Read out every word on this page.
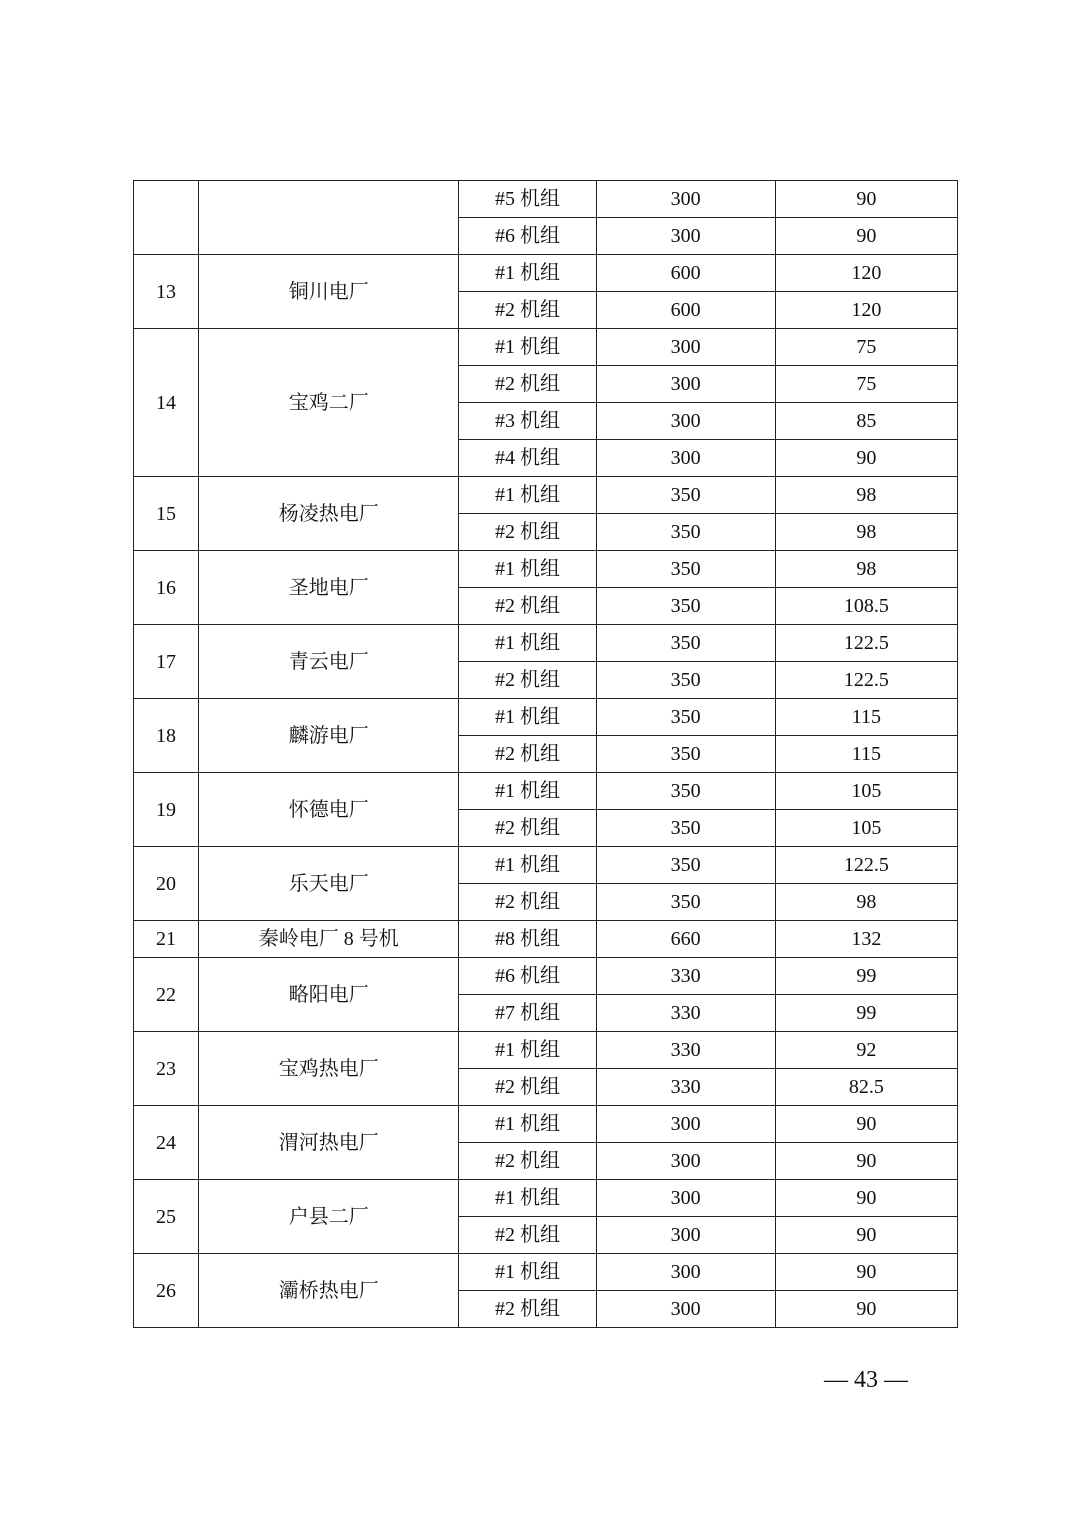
		#5 机组	300	90
		#6 机组	300	90
13	铜川电厂	#1 机组	600	120
		#2 机组	600	120
14	宝鸡二厂	#1 机组	300	75
		#2 机组	300	75
		#3 机组	300	85
		#4 机组	300	90
15	杨凌热电厂	#1 机组	350	98
		#2 机组	350	98
16	圣地电厂	#1 机组	350	98
		#2 机组	350	108.5
17	青云电厂	#1 机组	350	122.5
		#2 机组	350	122.5
18	麟游电厂	#1 机组	350	115
		#2 机组	350	115
19	怀德电厂	#1 机组	350	105
		#2 机组	350	105
20	乐天电厂	#1 机组	350	122.5
		#2 机组	350	98
21	秦岭电厂 8 号机	#8 机组	660	132
22	略阳电厂	#6 机组	330	99
		#7 机组	330	99
23	宝鸡热电厂	#1 机组	330	92
		#2 机组	330	82.5
24	渭河热电厂	#1 机组	300	90
		#2 机组	300	90
25	户县二厂	#1 机组	300	90
		#2 机组	300	90
26	灞桥热电厂	#1 机组	300	90
		#2 机组	300	90
— 43 —
